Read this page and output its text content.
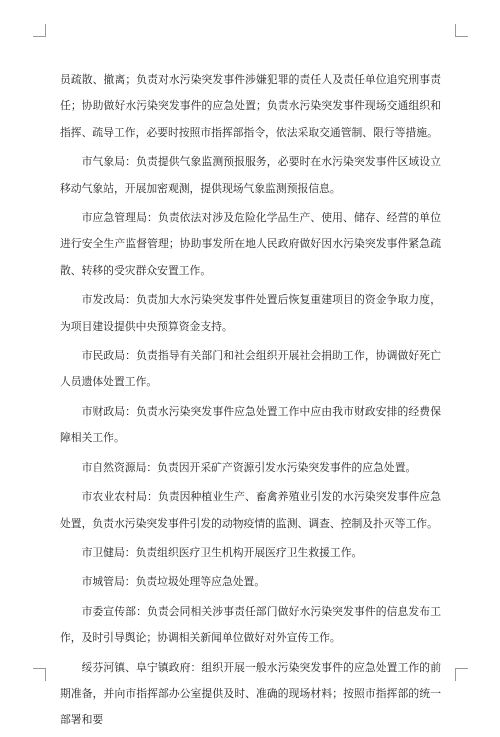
员疏散、撤离；负责对水污染突发事件涉嫌犯罪的责任人及责任单位追究刑事责任；协助做好水污染突发事件的应急处置；负责水污染突发事件现场交通组织和指挥、疏导工作，必要时按照市指挥部指令，依法采取交通管制、限行等措施。

市气象局：负责提供气象监测预报服务，必要时在水污染突发事件区域设立移动气象站，开展加密观测，提供现场气象监测预报信息。

市应急管理局：负责依法对涉及危险化学品生产、使用、储存、经营的单位进行安全生产监督管理；协助事发所在地人民政府做好因水污染突发事件紧急疏散、转移的受灾群众安置工作。

市发改局：负责加大水污染突发事件处置后恢复重建项目的资金争取力度，为项目建设提供中央预算资金支持。

市民政局：负责指导有关部门和社会组织开展社会捐助工作，协调做好死亡人员遗体处置工作。

市财政局：负责水污染突发事件应急处置工作中应由我市财政安排的经费保障相关工作。

市自然资源局：负责因开采矿产资源引发水污染突发事件的应急处置。

市农业农村局：负责因种植业生产、畜禽养殖业引发的水污染突发事件应急处置，负责水污染突发事件引发的动物疫情的监测、调查、控制及扑灭等工作。

市卫健局：负责组织医疗卫生机构开展医疗卫生救援工作。

市城管局：负责垃圾处理等应急处置。

市委宣传部：负责会同相关涉事责任部门做好水污染突发事件的信息发布工作，及时引导舆论；协调相关新闻单位做好对外宣传工作。

绥芬河镇、阜宁镇政府：组织开展一般水污染突发事件的应急处置工作的前期准备，并向市指挥部办公室提供及时、准确的现场材料；按照市指挥部的统一部署和要
